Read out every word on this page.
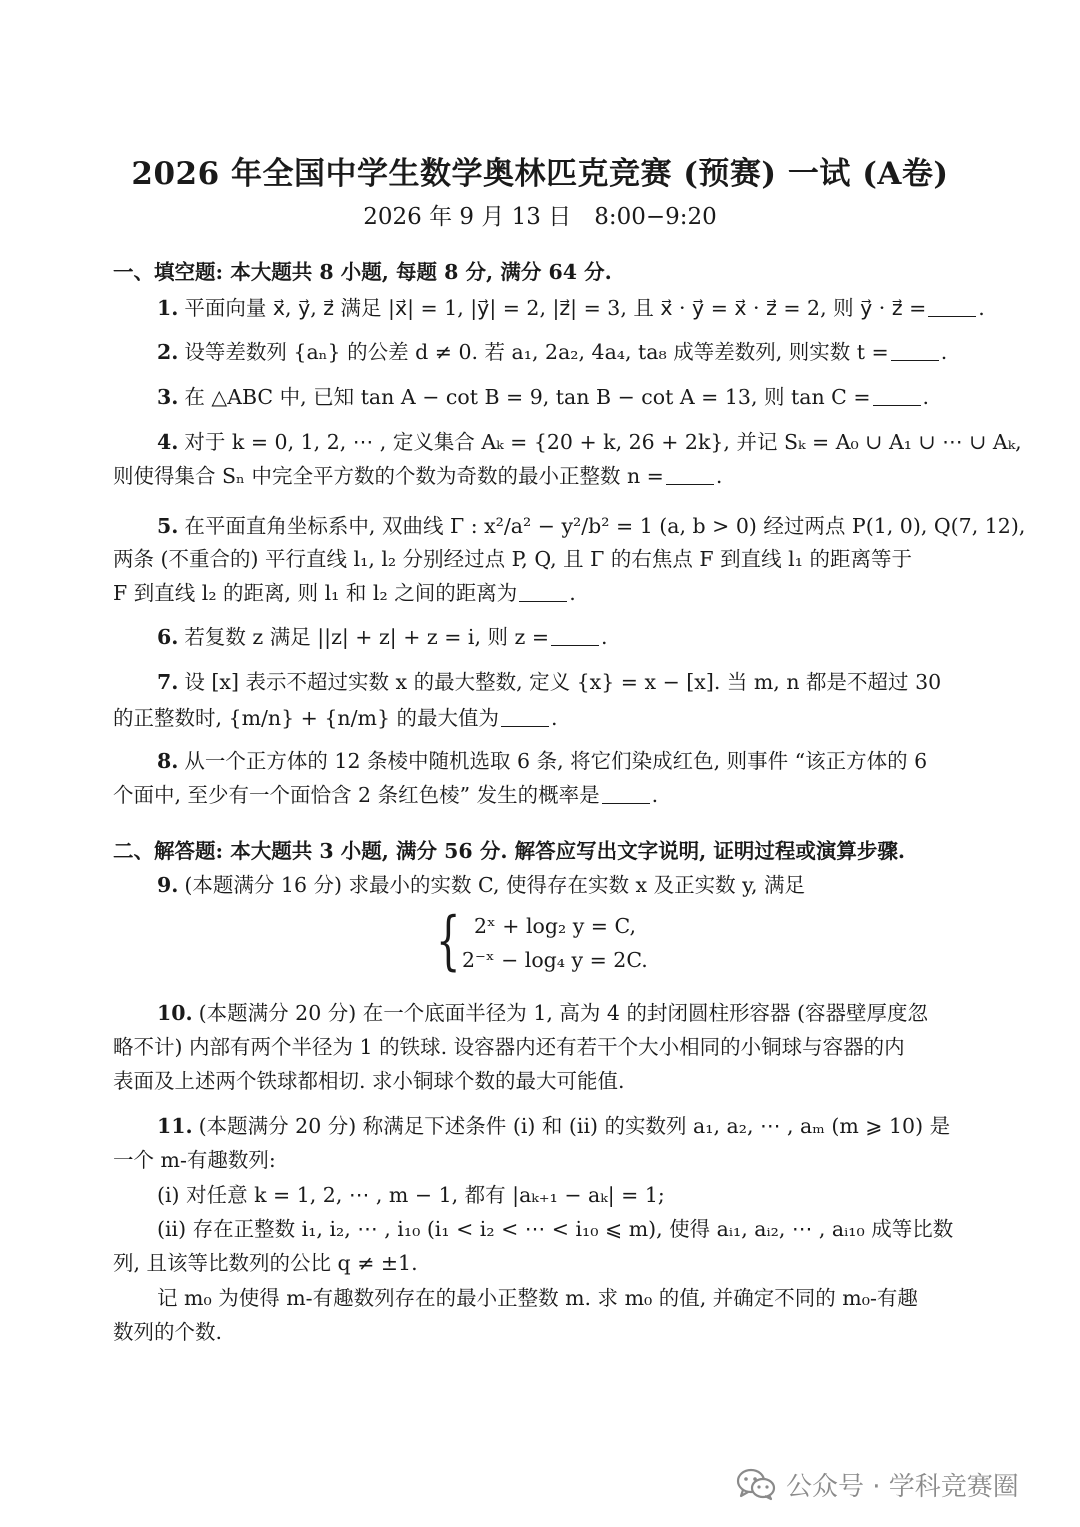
2026 年全国中学生数学奥林匹克竞赛 (预赛) 一试 (A卷)
2026 年 9 月 13 日　8:00−9:20
一、填空题: 本大题共 8 小题, 每题 8 分, 满分 64 分.
1. 平面向量 x⃗, y⃗, z⃗ 满足 |x⃗| = 1, |y⃗| = 2, |z⃗| = 3, 且 x⃗ · y⃗ = x⃗ · z⃗ = 2, 则 y⃗ · z⃗ =	.
2. 设等差数列 {aₙ} 的公差 d ≠ 0. 若 a₁, 2a₂, 4a₄, ta₈ 成等差数列, 则实数 t =	.
3. 在 △ABC 中, 已知 tan A − cot B = 9, tan B − cot A = 13, 则 tan C =	.
4. 对于 k = 0, 1, 2, ⋯ , 定义集合 Aₖ = {20 + k, 26 + 2k}, 并记 Sₖ = A₀ ∪ A₁ ∪ ⋯ ∪ Aₖ,
则使得集合 Sₙ 中完全平方数的个数为奇数的最小正整数 n =	.
5. 在平面直角坐标系中, 双曲线 Γ : x²/a² − y²/b² = 1 (a, b > 0) 经过两点 P(1, 0), Q(7, 12),
两条 (不重合的) 平行直线 l₁, l₂ 分别经过点 P, Q, 且 Γ 的右焦点 F 到直线 l₁ 的距离等于
F 到直线 l₂ 的距离, 则 l₁ 和 l₂ 之间的距离为	.
6. 若复数 z 满足 ||z| + z| + z = i, 则 z =	.
7. 设 [x] 表示不超过实数 x 的最大整数, 定义 {x} = x − [x]. 当 m, n 都是不超过 30
的正整数时, {m/n} + {n/m} 的最大值为	.
8. 从一个正方体的 12 条棱中随机选取 6 条, 将它们染成红色, 则事件 “该正方体的 6
个面中, 至少有一个面恰含 2 条红色棱” 发生的概率是	.
二、解答题: 本大题共 3 小题, 满分 56 分. 解答应写出文字说明, 证明过程或演算步骤.
9. (本题满分 16 分) 求最小的实数 C, 使得存在实数 x 及正实数 y, 满足
{ 2ˣ + log₂ y = C,
2⁻ˣ − log₄ y = 2C.
10. (本题满分 20 分) 在一个底面半径为 1, 高为 4 的封闭圆柱形容器 (容器壁厚度忽
略不计) 内部有两个半径为 1 的铁球. 设容器内还有若干个大小相同的小铜球与容器的内
表面及上述两个铁球都相切. 求小铜球个数的最大可能值.
11. (本题满分 20 分) 称满足下述条件 (i) 和 (ii) 的实数列 a₁, a₂, ⋯ , aₘ (m ⩾ 10) 是
一个 m-有趣数列:
(i) 对任意 k = 1, 2, ⋯ , m − 1, 都有 |aₖ₊₁ − aₖ| = 1;
(ii) 存在正整数 i₁, i₂, ⋯ , i₁₀ (i₁ < i₂ < ⋯ < i₁₀ ⩽ m), 使得 aᵢ₁, aᵢ₂, ⋯ , aᵢ₁₀ 成等比数
列, 且该等比数列的公比 q ≠ ±1.
记 m₀ 为使得 m-有趣数列存在的最小正整数 m. 求 m₀ 的值, 并确定不同的 m₀-有趣
数列的个数.
公众号 · 学科竞赛圈
